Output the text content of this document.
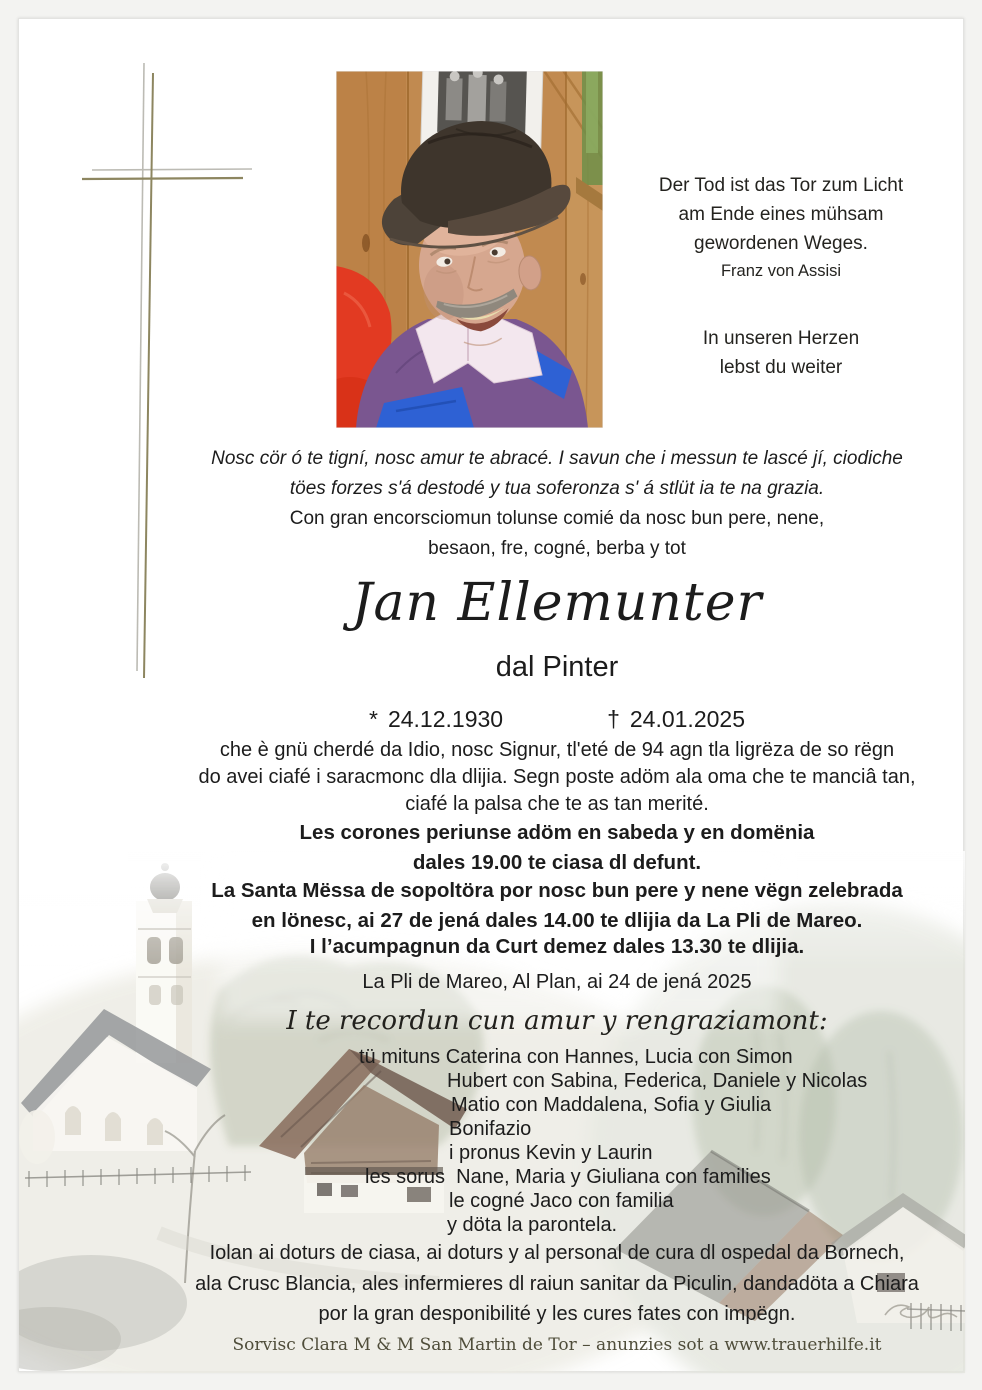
Der Tod ist das Tor zum Licht
am Ende eines mühsam
gewordenen Weges.
Franz von Assisi
In unseren Herzen
lebst du weiter
Nosc cör ó te tigní, nosc amur te abracé. I savun che i messun te lascé jí, ciodiche
töes forzes s'á destodé y tua soferonza s' á stlüt ia te na grazia.
Con gran encorsciomun tolunse comié da nosc bun pere, nene,
besaon, fre, cogné, berba y tot
Jan Ellemunter
dal Pinter
* 24.12.1930	† 24.01.2025
che è gnü cherdé da Idio, nosc Signur, tl'eté de 94 agn tla ligrëza de so rëgn
do avei ciafé i saracmonc dla dlijia. Segn poste adöm ala oma che te manciâ tan,
ciafé la palsa che te as tan merité.
Les corones periunse adöm en sabeda y en domënia
dales 19.00 te ciasa dl defunt.
La Santa Mëssa de sopoltöra por nosc bun pere y nene vëgn zelebrada
en lönesc, ai 27 de jená dales 14.00 te dlijia da La Pli de Mareo.
I l’acumpagnun da Curt demez dales 13.30 te dlijia.
La Pli de Mareo, Al Plan, ai 24 de jená 2025
I te recordun cun amur y rengraziamont:
tü mituns Caterina con Hannes, Lucia con Simon
Hubert con Sabina, Federica, Daniele y Nicolas
Matio con Maddalena, Sofia y Giulia
Bonifazio
i pronus Kevin y Laurin
les sorus  Nane, Maria y Giuliana con families
le cogné Jaco con familia
y döta la parontela.
Iolan ai doturs de ciasa, ai doturs y al personal de cura dl ospedal da Bornech,
ala Crusc Blancia, ales infermieres dl raiun sanitar da Piculin, dandadöta a Chiara
por la gran desponibilité y les cures fates con impëgn.
Sorvisc Clara M & M San Martin de Tor – anunzies sot a www.trauerhilfe.it
